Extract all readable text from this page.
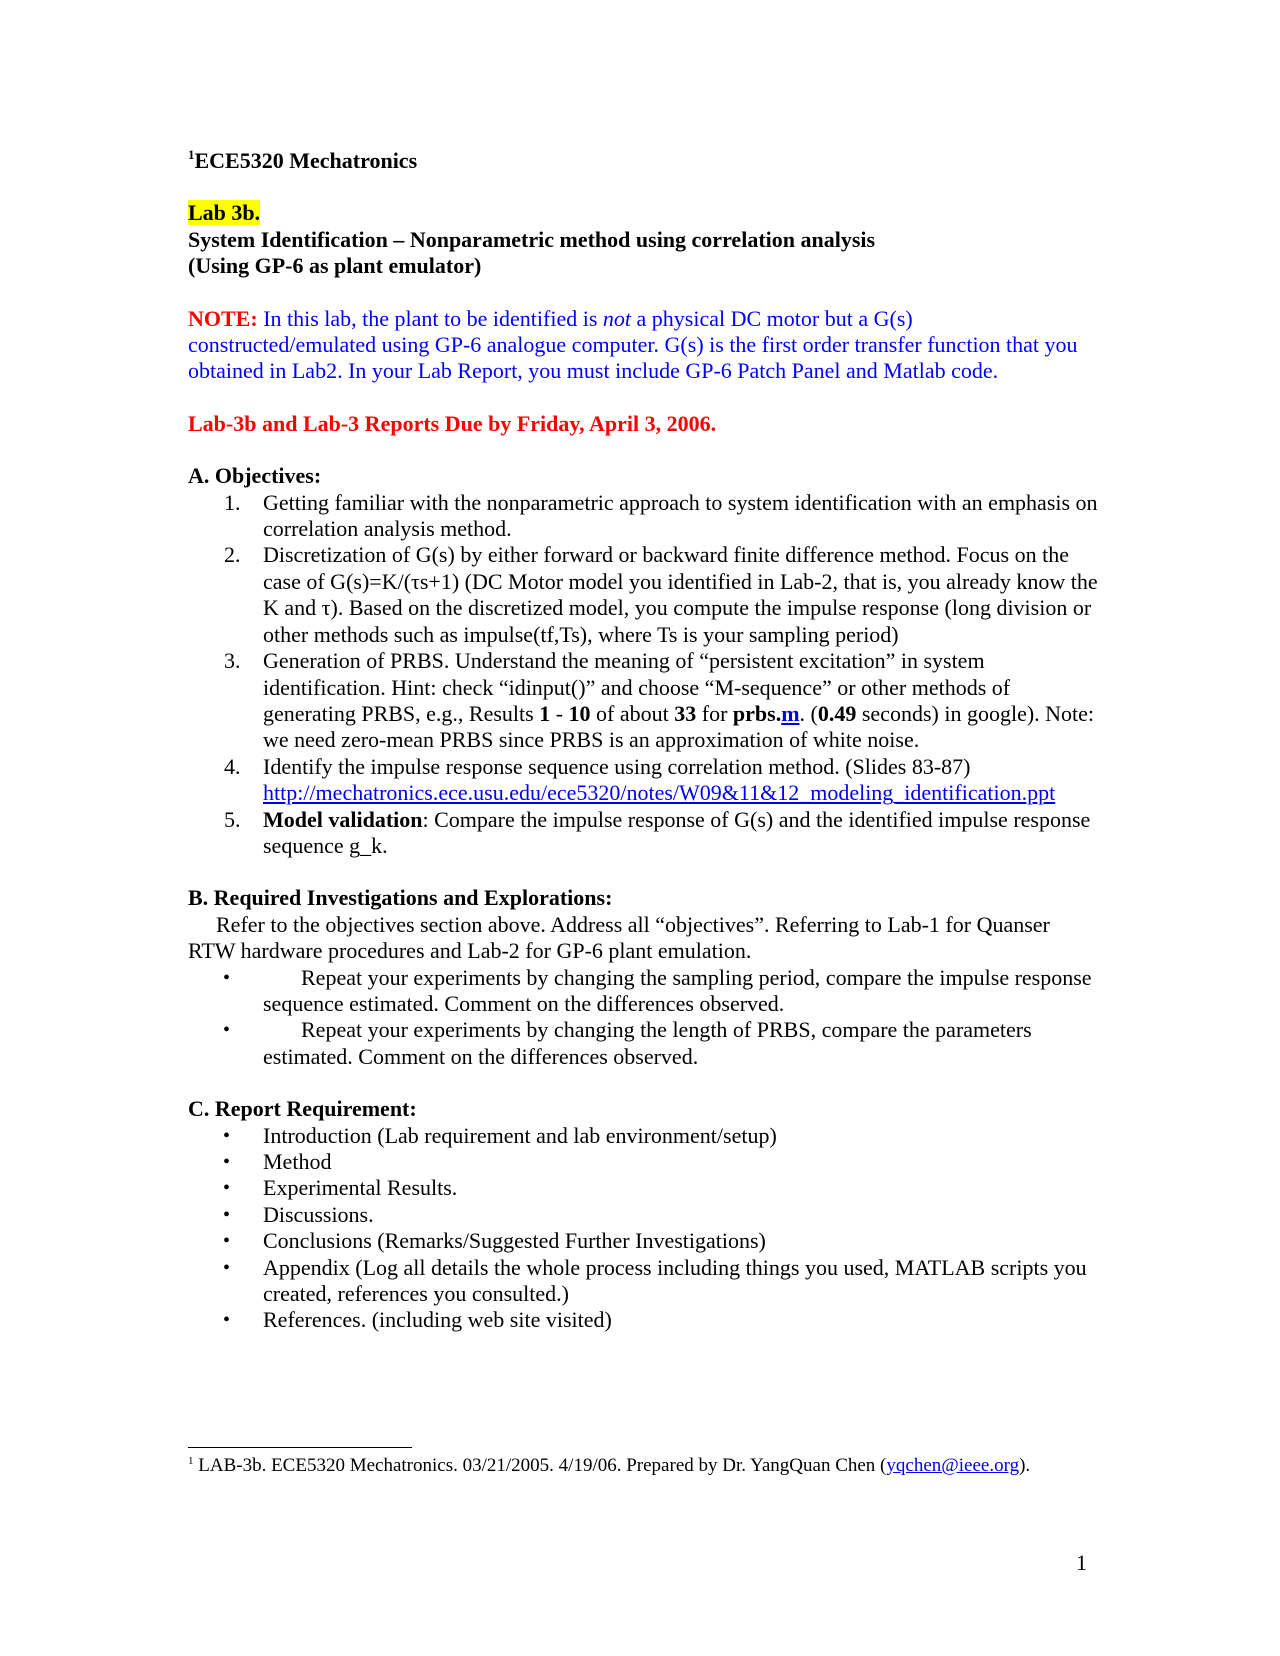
$^1$ECE5320 Mechatronics

Lab 3b.

System Identification – Nonparametric method using correlation analysis

(Using GP-6 as plant emulator)

NOTE: In this lab, the plant to be identified is not a physical DC motor but a G(s) constructed/emulated using GP-6 analogue computer. G(s) is the first order transfer function that you obtained in Lab2. In your Lab Report, you must include GP-6 Patch Panel and Matlab code.

Lab-3b and Lab-3 Reports Due by Friday, April 3, 2006.

A. Objectives:

1. Getting familiar with the nonparametric approach to system identification with an emphasis on correlation analysis method.
2. Discretization of G(s) by either forward or backward finite difference method. Focus on the case of G(s)=K/(τs+1) (DC Motor model you identified in Lab-2, that is, you already know the K and τ). Based on the discretized model, you compute the impulse response (long division or other methods such as impulse(tf,Ts), where Ts is your sampling period)
3. Generation of PRBS. Understand the meaning of “persistent excitation” in system identification. Hint: check “idinput()” and choose “M-sequence” or other methods of generating PRBS, e.g., Results 1 - 10 of about 33 for prbs.m. (0.49 seconds) in google). Note: we need zero-mean PRBS since PRBS is an approximation of white noise.
4. Identify the impulse response sequence using correlation method. (Slides 83-87)
http://mechatronics.ece.usu.edu/ece5320/notes/W09&11&12_modeling_identification.ppt
5. Model validation: Compare the impulse response of G(s) and the identified impulse response sequence g_k.

B. Required Investigations and Explorations:

Refer to the objectives section above. Address all “objectives”. Referring to Lab-1 for Quanser RTW hardware procedures and Lab-2 for GP-6 plant emulation.

•	Repeat your experiments by changing the sampling period, compare the impulse response sequence estimated. Comment on the differences observed.
•	Repeat your experiments by changing the length of PRBS, compare the parameters estimated. Comment on the differences observed.

C. Report Requirement:

• Introduction (Lab requirement and lab environment/setup)
• Method
• Experimental Results.
• Discussions.
• Conclusions (Remarks/Suggested Further Investigations)
• Appendix (Log all details the whole process including things you used, MATLAB scripts you created, references you consulted.)
• References. (including web site visited)

$^1$ LAB-3b. ECE5320 Mechatronics. 03/21/2005. 4/19/06. Prepared by Dr. YangQuan Chen (yqchen@ieee.org).

1
